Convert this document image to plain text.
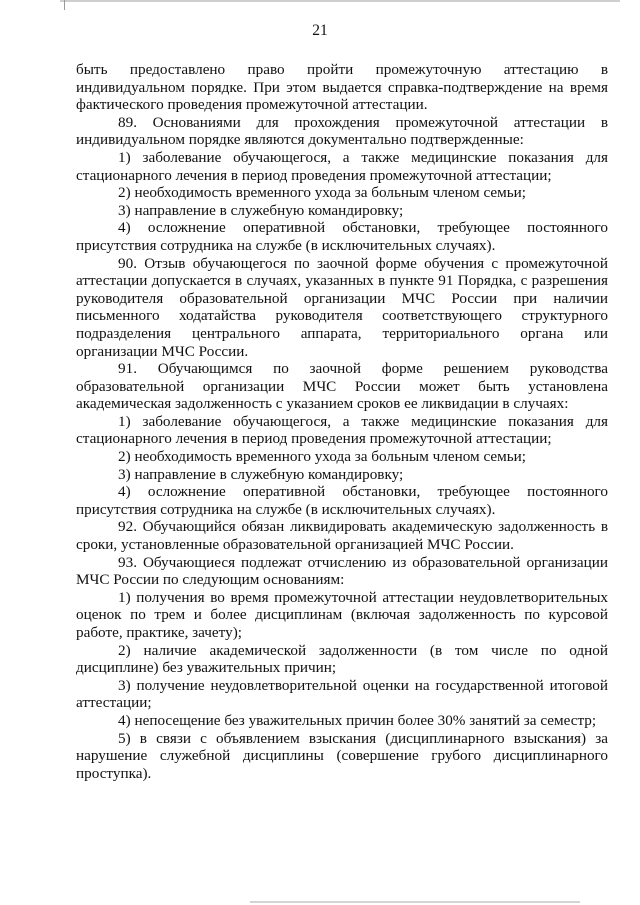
21

быть предоставлено право пройти промежуточную аттестацию в индивидуальном порядке. При этом выдается справка-подтверждение на время фактического проведения промежуточной аттестации.

89. Основаниями для прохождения промежуточной аттестации в индивидуальном порядке являются документально подтвержденные:

1) заболевание обучающегося, а также медицинские показания для стационарного лечения в период проведения промежуточной аттестации;

2) необходимость временного ухода за больным членом семьи;

3) направление в служебную командировку;

4) осложнение оперативной обстановки, требующее постоянного присутствия сотрудника на службе (в исключительных случаях).

90. Отзыв обучающегося по заочной форме обучения с промежуточной аттестации допускается в случаях, указанных в пункте 91 Порядка, с разрешения руководителя образовательной организации МЧС России при наличии письменного ходатайства руководителя соответствующего структурного подразделения центрального аппарата, территориального органа или организации МЧС России.

91. Обучающимся по заочной форме решением руководства образовательной организации МЧС России может быть установлена академическая задолженность с указанием сроков ее ликвидации в случаях:

1) заболевание обучающегося, а также медицинские показания для стационарного лечения в период проведения промежуточной аттестации;

2) необходимость временного ухода за больным членом семьи;

3) направление в служебную командировку;

4) осложнение оперативной обстановки, требующее постоянного присутствия сотрудника на службе (в исключительных случаях).

92. Обучающийся обязан ликвидировать академическую задолженность в сроки, установленные образовательной организацией МЧС России.

93. Обучающиеся подлежат отчислению из образовательной организации МЧС России по следующим основаниям:

1) получения во время промежуточной аттестации неудовлетворительных оценок по трем и более дисциплинам (включая задолженность по курсовой работе, практике, зачету);

2) наличие академической задолженности (в том числе по одной дисциплине) без уважительных причин;

3) получение неудовлетворительной оценки на государственной итоговой аттестации;

4) непосещение без уважительных причин более 30% занятий за семестр;

5) в связи с объявлением взыскания (дисциплинарного взыскания) за нарушение служебной дисциплины (совершение грубого дисциплинарного проступка).
